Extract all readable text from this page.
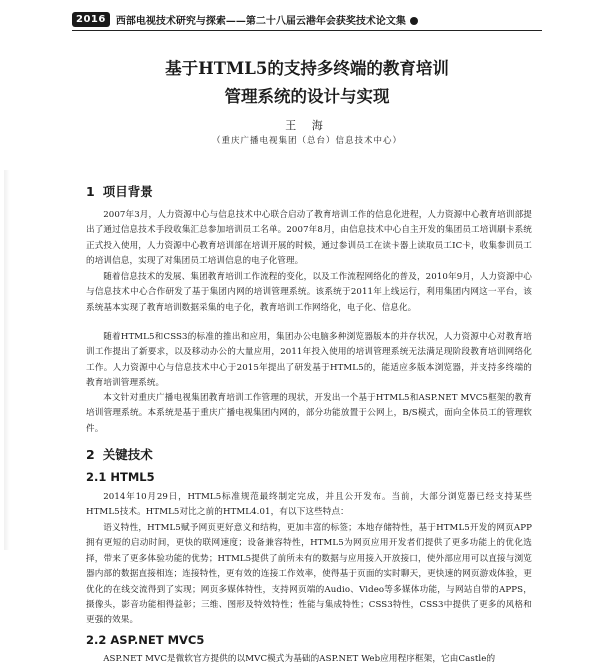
2016	西部电视技术研究与探索——第二十八届云港年会获奖技术论文集
基于HTML5的支持多终端的教育培训
管理系统的设计与实现
王 海
（重庆广播电视集团（总台）信息技术中心）
1 项目背景

2007年3月，人力资源中心与信息技术中心联合启动了教育培训工作的信息化进程，人力资源中心教育培训部提出了通过信息技术手段收集汇总参加培训员工名单。2007年8月，由信息技术中心自主开发的集团员工培训刷卡系统正式投入使用，人力资源中心教育培训部在培训开展的时候，通过参训员工在读卡器上读取员工IC卡，收集参训员工的培训信息，实现了对集团员工培训信息的电子化管理。

随着信息技术的发展、集团教育培训工作流程的变化，以及工作流程网络化的普及，2010年9月，人力资源中心与信息技术中心合作研发了基于集团内网的培训管理系统。该系统于2011年上线运行，利用集团内网这一平台，该系统基本实现了教育培训数据采集的电子化，教育培训工作网络化，电子化、信息化。

随着HTML5和CSS3的标准的推出和应用，集团办公电脑多种浏览器版本的并存状况，人力资源中心对教育培训工作提出了新要求，以及移动办公的大量应用，2011年投入使用的培训管理系统无法满足现阶段教育培训网络化工作。人力资源中心与信息技术中心于2015年提出了研发基于HTML5的，能适应多版本浏览器，并支持多终端的教育培训管理系统。

本文针对重庆广播电视集团教育培训工作管理的现状，开发出一个基于HTML5和ASP.NET MVC5框架的教育培训管理系统。本系统是基于重庆广播电视集团内网的，部分功能放置于公网上，B/S模式，面向全体员工的管理软件。

2 关键技术
2.1 HTML5

2014年10月29日，HTML5标准规范最终制定完成，并且公开发布。当前，大部分浏览器已经支持某些HTML5技术。HTML5对比之前的HTML4.01，有以下这些特点：

语义特性，HTML5赋予网页更好意义和结构，更加丰富的标签；本地存储特性，基于HTML5开发的网页APP拥有更短的启动时间，更快的联网速度；设备兼容特性，HTML5为网页应用开发者们提供了更多功能上的优化选择，带来了更多体验功能的优势；HTML5提供了前所未有的数据与应用接入开放接口，使外部应用可以直接与浏览器内部的数据直接相连；连接特性，更有效的连接工作效率，使得基于页面的实时聊天，更快速的网页游戏体验，更优化的在线交流得到了实现；网页多媒体特性，支持网页端的Audio、Video等多媒体功能，与网站自带的APPS，摄像头，影音功能相得益彰；三维、图形及特效特性；性能与集成特性；CSS3特性，CSS3中提供了更多的风格和更强的效果。

2.2 ASP.NET MVC5

ASP.NET MVC是微软官方提供的以MVC模式为基础的ASP.NET Web应用程序框架，它由Castle的
